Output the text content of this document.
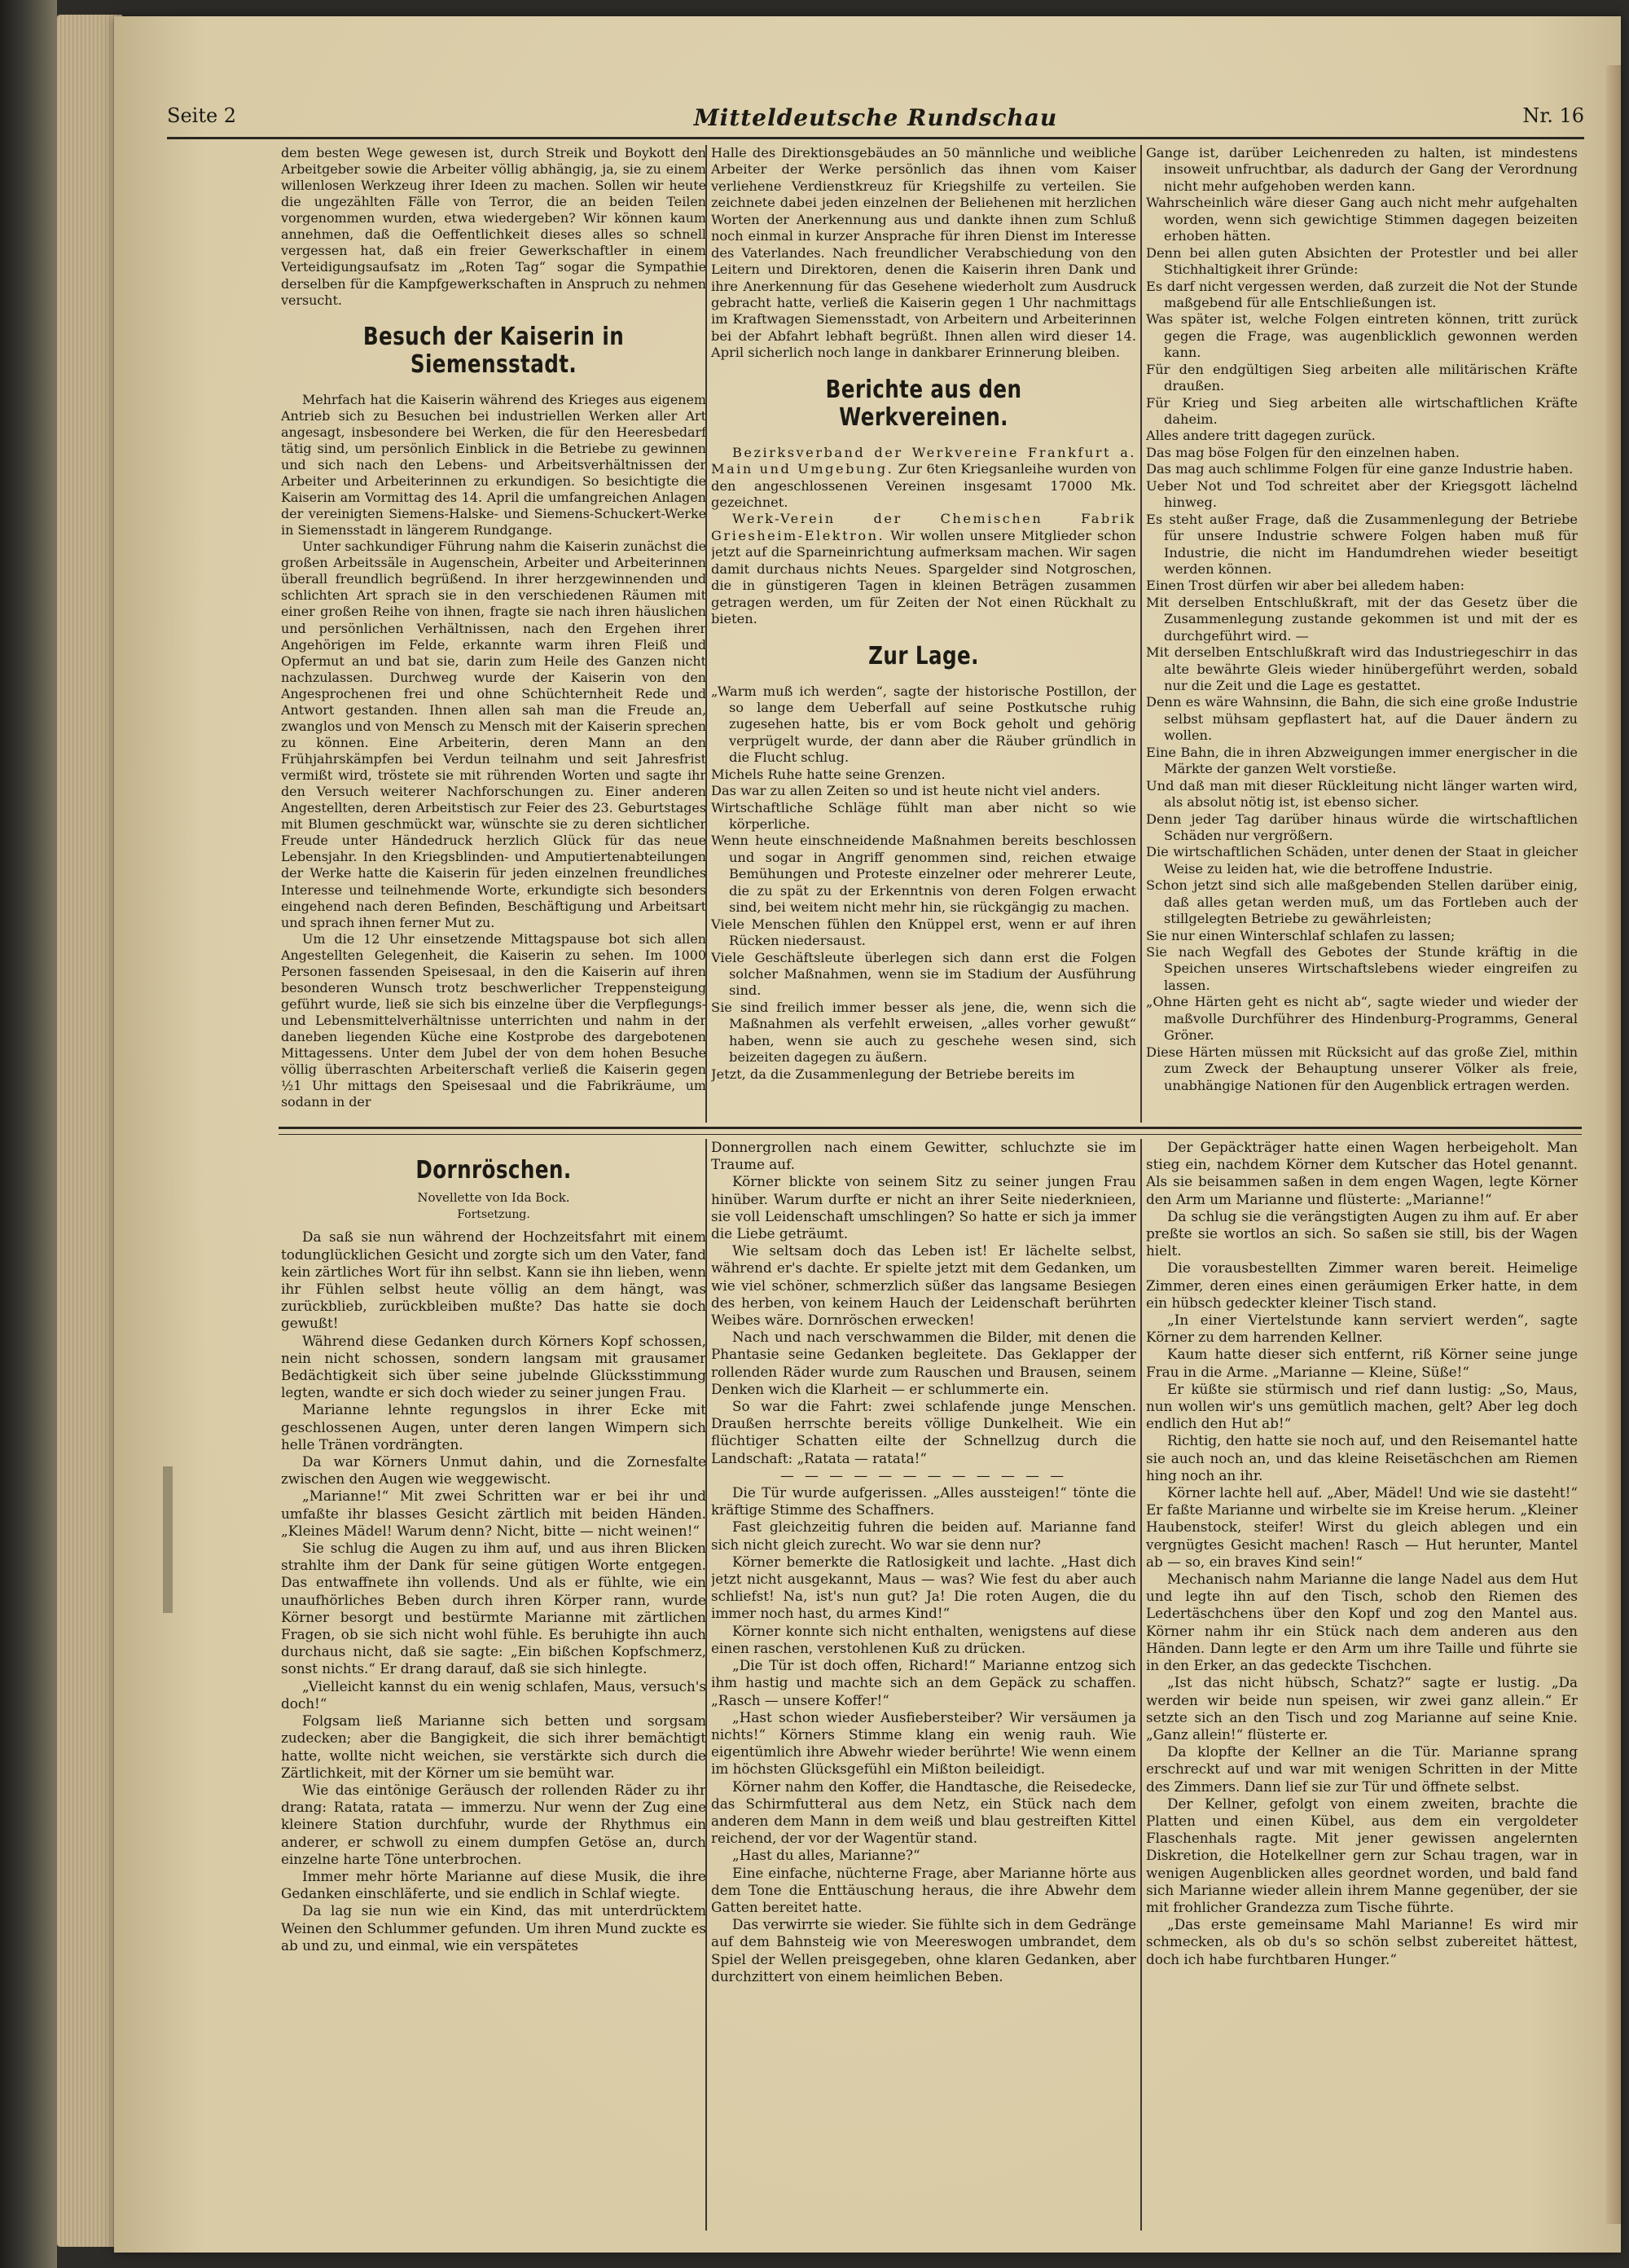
Seite 2	Mitteldeutsche Rundschau	Nr. 16

dem besten Wege gewesen ist, durch Streik und Boykott den Arbeitgeber sowie die Arbeiter völlig abhängig, ja, sie zu einem willenlosen Werkzeug ihrer Ideen zu machen. Sollen wir heute die ungezählten Fälle von Terror, die an beiden Teilen vorgenommen wurden, etwa wiedergeben? Wir können kaum annehmen, daß die Oeffentlichkeit dieses alles so schnell vergessen hat, daß ein freier Gewerkschaftler in einem Verteidigungsaufsatz im „Roten Tag“ sogar die Sympathie derselben für die Kampfgewerkschaften in Anspruch zu nehmen versucht.

Besuch der Kaiserin in Siemensstadt.

Mehrfach hat die Kaiserin während des Krieges aus eigenem Antrieb sich zu Besuchen bei industriellen Werken aller Art angesagt, insbesondere bei Werken, die für den Heeresbedarf tätig sind, um persönlich Einblick in die Betriebe zu gewinnen und sich nach den Lebens- und Arbeitsverhältnissen der Arbeiter und Arbeiterinnen zu erkundigen. So besichtigte die Kaiserin am Vormittag des 14. April die umfangreichen Anlagen der vereinigten Siemens-Halske- und Siemens-Schuckert-Werke in Siemensstadt in längerem Rundgange.

Unter sachkundiger Führung nahm die Kaiserin zunächst die großen Arbeitssäle in Augenschein, Arbeiter und Arbeiterinnen überall freundlich begrüßend. In ihrer herzgewinnenden und schlichten Art sprach sie in den verschiedenen Räumen mit einer großen Reihe von ihnen, fragte sie nach ihren häuslichen und persönlichen Verhältnissen, nach den Ergehen ihrer Angehörigen im Felde, erkannte warm ihren Fleiß und Opfermut an und bat sie, darin zum Heile des Ganzen nicht nachzulassen. Durchweg wurde der Kaiserin von den Angesprochenen frei und ohne Schüchternheit Rede und Antwort gestanden. Ihnen allen sah man die Freude an, zwanglos und von Mensch zu Mensch mit der Kaiserin sprechen zu können. Eine Arbeiterin, deren Mann an den Frühjahrskämpfen bei Verdun teilnahm und seit Jahresfrist vermißt wird, tröstete sie mit rührenden Worten und sagte ihr den Versuch weiterer Nachforschungen zu. Einer anderen Angestellten, deren Arbeitstisch zur Feier des 23. Geburtstages mit Blumen geschmückt war, wünschte sie zu deren sichtlicher Freude unter Händedruck herzlich Glück für das neue Lebensjahr. In den Kriegsblinden- und Amputiertenabteilungen der Werke hatte die Kaiserin für jeden einzelnen freundliches Interesse und teilnehmende Worte, erkundigte sich besonders eingehend nach deren Befinden, Beschäftigung und Arbeitsart und sprach ihnen ferner Mut zu.

Um die 12 Uhr einsetzende Mittagspause bot sich allen Angestellten Gelegenheit, die Kaiserin zu sehen. Im 1000 Personen fassenden Speisesaal, in den die Kaiserin auf ihren besonderen Wunsch trotz beschwerlicher Treppensteigung geführt wurde, ließ sie sich bis einzelne über die Verpflegungs- und Lebensmittelverhältnisse unterrichten und nahm in der daneben liegenden Küche eine Kostprobe des dargebotenen Mittagessens. Unter dem Jubel der von dem hohen Besuche völlig überraschten Arbeiterschaft verließ die Kaiserin gegen ½1 Uhr mittags den Speisesaal und die Fabrikräume, um sodann in der

Halle des Direktionsgebäudes an 50 männliche und weibliche Arbeiter der Werke persönlich das ihnen vom Kaiser verliehene Verdienstkreuz für Kriegshilfe zu verteilen. Sie zeichnete dabei jeden einzelnen der Beliehenen mit herzlichen Worten der Anerkennung aus und dankte ihnen zum Schluß noch einmal in kurzer Ansprache für ihren Dienst im Interesse des Vaterlandes. Nach freundlicher Verabschiedung von den Leitern und Direktoren, denen die Kaiserin ihren Dank und ihre Anerkennung für das Gesehene wiederholt zum Ausdruck gebracht hatte, verließ die Kaiserin gegen 1 Uhr nachmittags im Kraftwagen Siemensstadt, von Arbeitern und Arbeiterinnen bei der Abfahrt lebhaft begrüßt. Ihnen allen wird dieser 14. April sicherlich noch lange in dankbarer Erinnerung bleiben.

Berichte aus den Werkvereinen.

Bezirksverband der Werkvereine Frankfurt a. Main und Umgebung. Zur 6ten Kriegsanleihe wurden von den angeschlossenen Vereinen insgesamt 17000 Mk. gezeichnet.

Werk-Verein der Chemischen Fabrik Griesheim-Elektron. Wir wollen unsere Mitglieder schon jetzt auf die Sparneinrichtung aufmerksam machen. Wir sagen damit durchaus nichts Neues. Spargelder sind Notgroschen, die in günstigeren Tagen in kleinen Beträgen zusammen getragen werden, um für Zeiten der Not einen Rückhalt zu bieten.

Zur Lage.

„Warm muß ich werden“, sagte der historische Postillon, der so lange dem Ueberfall auf seine Postkutsche ruhig zugesehen hatte, bis er vom Bock geholt und gehörig verprügelt wurde, der dann aber die Räuber gründlich in die Flucht schlug.

Michels Ruhe hatte seine Grenzen.

Das war zu allen Zeiten so und ist heute nicht viel anders.

Wirtschaftliche Schläge fühlt man aber nicht so wie körperliche.

Wenn heute einschneidende Maßnahmen bereits beschlossen und sogar in Angriff genommen sind, reichen etwaige Bemühungen und Proteste einzelner oder mehrerer Leute, die zu spät zu der Erkenntnis von deren Folgen erwacht sind, bei weitem nicht mehr hin, sie rückgängig zu machen.

Viele Menschen fühlen den Knüppel erst, wenn er auf ihren Rücken niedersaust.

Viele Geschäftsleute überlegen sich dann erst die Folgen solcher Maßnahmen, wenn sie im Stadium der Ausführung sind.

Sie sind freilich immer besser als jene, die, wenn sich die Maßnahmen als verfehlt erweisen, „alles vorher gewußt“ haben, wenn sie auch zu geschehe wesen sind, sich beizeiten dagegen zu äußern.

Jetzt, da die Zusammenlegung der Betriebe bereits im

Gange ist, darüber Leichenreden zu halten, ist mindestens insoweit unfruchtbar, als dadurch der Gang der Verordnung nicht mehr aufgehoben werden kann.

Wahrscheinlich wäre dieser Gang auch nicht mehr aufgehalten worden, wenn sich gewichtige Stimmen dagegen beizeiten erhoben hätten.

Denn bei allen guten Absichten der Protestler und bei aller Stichhaltigkeit ihrer Gründe:

Es darf nicht vergessen werden, daß zurzeit die Not der Stunde maßgebend für alle Entschließungen ist.

Was später ist, welche Folgen eintreten können, tritt zurück gegen die Frage, was augenblicklich gewonnen werden kann.

Für den endgültigen Sieg arbeiten alle militärischen Kräfte draußen.

Für Krieg und Sieg arbeiten alle wirtschaftlichen Kräfte daheim.

Alles andere tritt dagegen zurück.

Das mag böse Folgen für den einzelnen haben.

Das mag auch schlimme Folgen für eine ganze Industrie haben.

Ueber Not und Tod schreitet aber der Kriegsgott lächelnd hinweg.

Es steht außer Frage, daß die Zusammenlegung der Betriebe für unsere Industrie schwere Folgen haben muß für Industrie, die nicht im Handumdrehen wieder beseitigt werden können.

Einen Trost dürfen wir aber bei alledem haben:

Mit derselben Entschlußkraft, mit der das Gesetz über die Zusammenlegung zustande gekommen ist und mit der es durchgeführt wird. —

Mit derselben Entschlußkraft wird das Industriegeschirr in das alte bewährte Gleis wieder hinübergeführt werden, sobald nur die Zeit und die Lage es gestattet.

Denn es wäre Wahnsinn, die Bahn, die sich eine große Industrie selbst mühsam gepflastert hat, auf die Dauer ändern zu wollen.

Eine Bahn, die in ihren Abzweigungen immer energischer in die Märkte der ganzen Welt vorstieße.

Und daß man mit dieser Rückleitung nicht länger warten wird, als absolut nötig ist, ist ebenso sicher.

Denn jeder Tag darüber hinaus würde die wirtschaftlichen Schäden nur vergrößern.

Die wirtschaftlichen Schäden, unter denen der Staat in gleicher Weise zu leiden hat, wie die betroffene Industrie.

Schon jetzt sind sich alle maßgebenden Stellen darüber einig, daß alles getan werden muß, um das Fortleben auch der stillgelegten Betriebe zu gewährleisten;

Sie nur einen Winterschlaf schlafen zu lassen;

Sie nach Wegfall des Gebotes der Stunde kräftig in die Speichen unseres Wirtschaftslebens wieder eingreifen zu lassen.

„Ohne Härten geht es nicht ab“, sagte wieder und wieder der maßvolle Durchführer des Hindenburg-Programms, General Gröner.

Diese Härten müssen mit Rücksicht auf das große Ziel, mithin zum Zweck der Behauptung unserer Völker als freie, unabhängige Nationen für den Augenblick ertragen werden.

Dornröschen.

Novellette von Ida Bock.

Fortsetzung.

Da saß sie nun während der Hochzeitsfahrt mit einem todunglücklichen Gesicht und zorgte sich um den Vater, fand kein zärtliches Wort für ihn selbst. Kann sie ihn lieben, wenn ihr Fühlen selbst heute völlig an dem hängt, was zurückblieb, zurückbleiben mußte? Das hatte sie doch gewußt!

Während diese Gedanken durch Körners Kopf schossen, nein nicht schossen, sondern langsam mit grausamer Bedächtigkeit sich über seine jubelnde Glücksstimmung legten, wandte er sich doch wieder zu seiner jungen Frau.

Marianne lehnte regungslos in ihrer Ecke mit geschlossenen Augen, unter deren langen Wimpern sich helle Tränen vordrängten.

Da war Körners Unmut dahin, und die Zornesfalte zwischen den Augen wie weggewischt.

„Marianne!“ Mit zwei Schritten war er bei ihr und umfaßte ihr blasses Gesicht zärtlich mit beiden Händen. „Kleines Mädel! Warum denn? Nicht, bitte — nicht weinen!“

Sie schlug die Augen zu ihm auf, und aus ihren Blicken strahlte ihm der Dank für seine gütigen Worte entgegen. Das entwaffnete ihn vollends. Und als er fühlte, wie ein unaufhörliches Beben durch ihren Körper rann, wurde Körner besorgt und bestürmte Marianne mit zärtlichen Fragen, ob sie sich nicht wohl fühle. Es beruhigte ihn auch durchaus nicht, daß sie sagte: „Ein bißchen Kopfschmerz, sonst nichts.“ Er drang darauf, daß sie sich hinlegte.

„Vielleicht kannst du ein wenig schlafen, Maus, versuch's doch!“

Folgsam ließ Marianne sich betten und sorgsam zudecken; aber die Bangigkeit, die sich ihrer bemächtigt hatte, wollte nicht weichen, sie verstärkte sich durch die Zärtlichkeit, mit der Körner um sie bemüht war.

Wie das eintönige Geräusch der rollenden Räder zu ihr drang: Ratata, ratata — immerzu. Nur wenn der Zug eine kleinere Station durchfuhr, wurde der Rhythmus ein anderer, er schwoll zu einem dumpfen Getöse an, durch einzelne harte Töne unterbrochen.

Immer mehr hörte Marianne auf diese Musik, die ihre Gedanken einschläferte, und sie endlich in Schlaf wiegte.

Da lag sie nun wie ein Kind, das mit unterdrücktem Weinen den Schlummer gefunden. Um ihren Mund zuckte es ab und zu, und einmal, wie ein verspätetes

Donnergrollen nach einem Gewitter, schluchzte sie im Traume auf.

Körner blickte von seinem Sitz zu seiner jungen Frau hinüber. Warum durfte er nicht an ihrer Seite niederknieen, sie voll Leidenschaft umschlingen? So hatte er sich ja immer die Liebe geträumt.

Wie seltsam doch das Leben ist! Er lächelte selbst, während er's dachte. Er spielte jetzt mit dem Gedanken, um wie viel schöner, schmerzlich süßer das langsame Besiegen des herben, von keinem Hauch der Leidenschaft berührten Weibes wäre. Dornröschen erwecken!

Nach und nach verschwammen die Bilder, mit denen die Phantasie seine Gedanken begleitete. Das Geklapper der rollenden Räder wurde zum Rauschen und Brausen, seinem Denken wich die Klarheit — er schlummerte ein.

So war die Fahrt: zwei schlafende junge Menschen. Draußen herrschte bereits völlige Dunkelheit. Wie ein flüchtiger Schatten eilte der Schnellzug durch die Landschaft: „Ratata — ratata!“

— — — — — — — — — — — —

Die Tür wurde aufgerissen. „Alles aussteigen!“ tönte die kräftige Stimme des Schaffners.

Fast gleichzeitig fuhren die beiden auf. Marianne fand sich nicht gleich zurecht. Wo war sie denn nur?

Körner bemerkte die Ratlosigkeit und lachte. „Hast dich jetzt nicht ausgekannt, Maus — was? Wie fest du aber auch schliefst! Na, ist's nun gut? Ja! Die roten Augen, die du immer noch hast, du armes Kind!“

Körner konnte sich nicht enthalten, wenigstens auf diese einen raschen, verstohlenen Kuß zu drücken.

„Die Tür ist doch offen, Richard!“ Marianne entzog sich ihm hastig und machte sich an dem Gepäck zu schaffen. „Rasch — unsere Koffer!“

„Hast schon wieder Ausfiebersteiber? Wir versäumen ja nichts!“ Körners Stimme klang ein wenig rauh. Wie eigentümlich ihre Abwehr wieder berührte! Wie wenn einem im höchsten Glücksgefühl ein Mißton beileidigt.

Körner nahm den Koffer, die Handtasche, die Reisedecke, das Schirmfutteral aus dem Netz, ein Stück nach dem anderen dem Mann in dem weiß und blau gestreiften Kittel reichend, der vor der Wagentür stand.

„Hast du alles, Marianne?“

Eine einfache, nüchterne Frage, aber Marianne hörte aus dem Tone die Enttäuschung heraus, die ihre Abwehr dem Gatten bereitet hatte.

Das verwirrte sie wieder. Sie fühlte sich in dem Gedränge auf dem Bahnsteig wie von Meereswogen umbrandet, dem Spiel der Wellen preisgegeben, ohne klaren Gedanken, aber durchzittert von einem heimlichen Beben.

Der Gepäckträger hatte einen Wagen herbeigeholt. Man stieg ein, nachdem Körner dem Kutscher das Hotel genannt. Als sie beisammen saßen in dem engen Wagen, legte Körner den Arm um Marianne und flüsterte: „Marianne!“

Da schlug sie die verängstigten Augen zu ihm auf. Er aber preßte sie wortlos an sich. So saßen sie still, bis der Wagen hielt.

Die vorausbestellten Zimmer waren bereit. Heimelige Zimmer, deren eines einen geräumigen Erker hatte, in dem ein hübsch gedeckter kleiner Tisch stand.

„In einer Viertelstunde kann serviert werden“, sagte Körner zu dem harrenden Kellner.

Kaum hatte dieser sich entfernt, riß Körner seine junge Frau in die Arme. „Marianne — Kleine, Süße!“

Er küßte sie stürmisch und rief dann lustig: „So, Maus, nun wollen wir's uns gemütlich machen, gelt? Aber leg doch endlich den Hut ab!“

Richtig, den hatte sie noch auf, und den Reisemantel hatte sie auch noch an, und das kleine Reisetäschchen am Riemen hing noch an ihr.

Körner lachte hell auf. „Aber, Mädel! Und wie sie dasteht!“ Er faßte Marianne und wirbelte sie im Kreise herum. „Kleiner Haubenstock, steifer! Wirst du gleich ablegen und ein vergnügtes Gesicht machen! Rasch — Hut herunter, Mantel ab — so, ein braves Kind sein!“

Mechanisch nahm Marianne die lange Nadel aus dem Hut und legte ihn auf den Tisch, schob den Riemen des Ledertäschchens über den Kopf und zog den Mantel aus. Körner nahm ihr ein Stück nach dem anderen aus den Händen. Dann legte er den Arm um ihre Taille und führte sie in den Erker, an das gedeckte Tischchen.

„Ist das nicht hübsch, Schatz?“ sagte er lustig. „Da werden wir beide nun speisen, wir zwei ganz allein.“ Er setzte sich an den Tisch und zog Marianne auf seine Knie. „Ganz allein!“ flüsterte er.

Da klopfte der Kellner an die Tür. Marianne sprang erschreckt auf und war mit wenigen Schritten in der Mitte des Zimmers. Dann lief sie zur Tür und öffnete selbst.

Der Kellner, gefolgt von einem zweiten, brachte die Platten und einen Kübel, aus dem ein vergoldeter Flaschenhals ragte. Mit jener gewissen angelernten Diskretion, die Hotelkellner gern zur Schau tragen, war in wenigen Augenblicken alles geordnet worden, und bald fand sich Marianne wieder allein ihrem Manne gegenüber, der sie mit frohlicher Grandezza zum Tische führte.

„Das erste gemeinsame Mahl Marianne! Es wird mir schmecken, als ob du's so schön selbst zubereitet hättest, doch ich habe furchtbaren Hunger.“
